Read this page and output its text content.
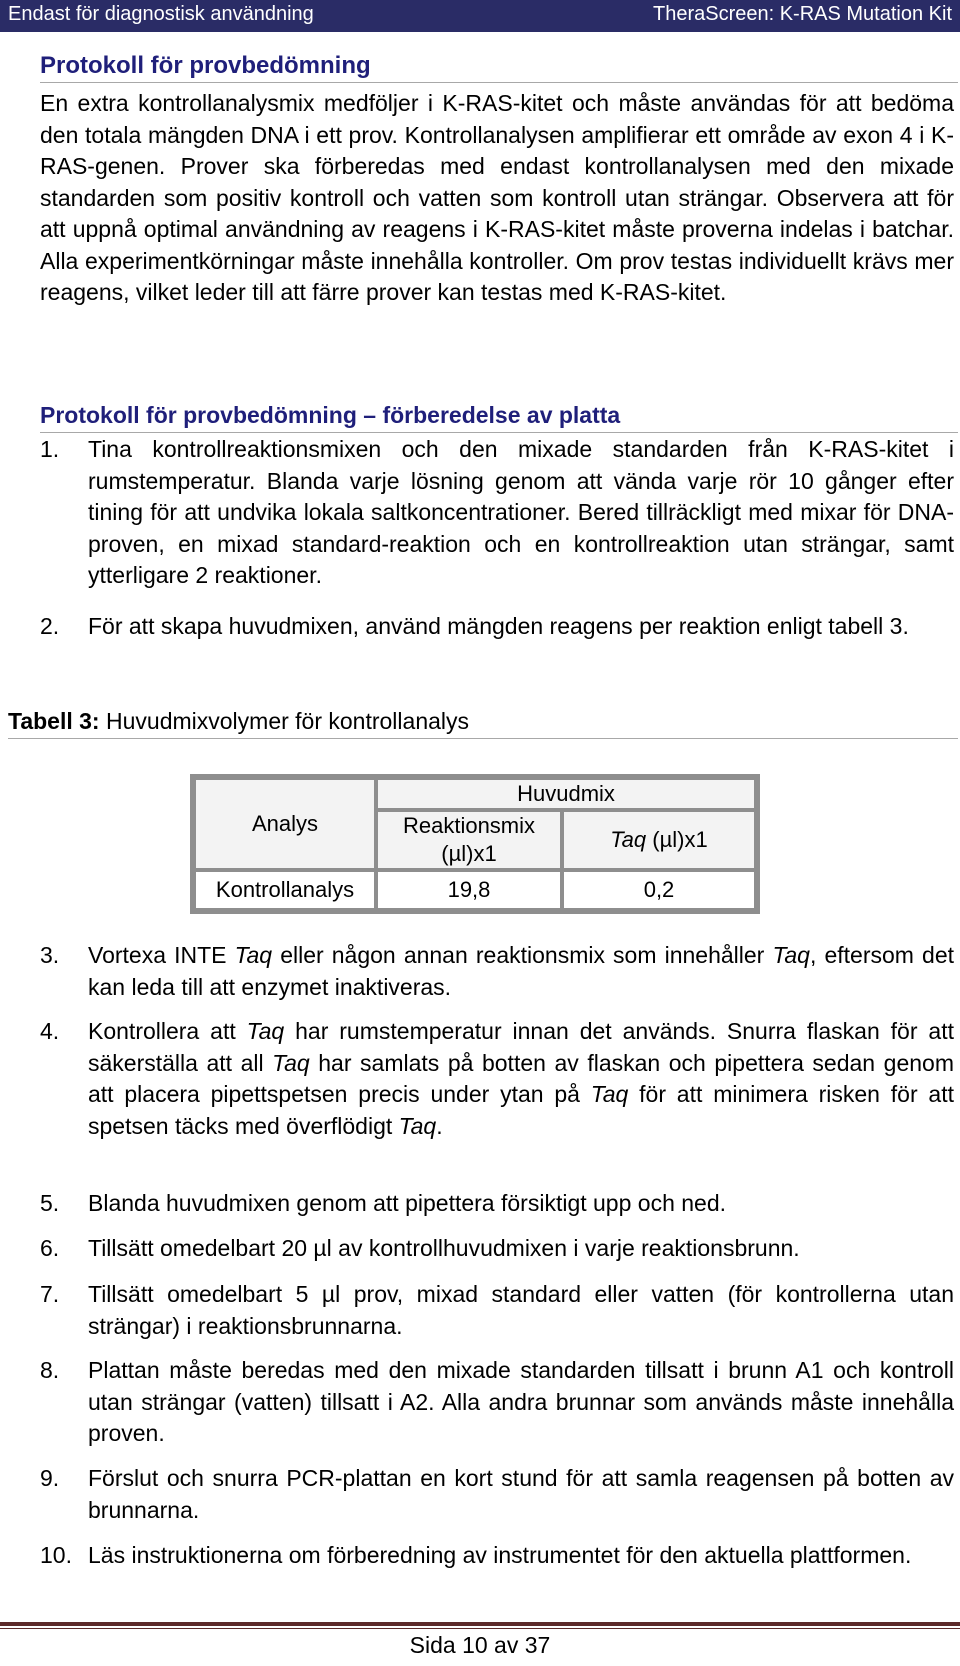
Endast för diagnostisk användning	TheraScreen: K-RAS Mutation Kit
Protokoll för provbedömning
En extra kontrollanalysmix medföljer i K-RAS-kitet och måste användas för att bedöma den totala mängden DNA i ett prov. Kontrollanalysen amplifierar ett område av exon 4 i K-RAS-genen. Prover ska förberedas med endast kontrollanalysen med den mixade standarden som positiv kontroll och vatten som kontroll utan strängar. Observera att för att uppnå optimal användning av reagens i K-RAS-kitet måste proverna indelas i batchar. Alla experimentkörningar måste innehålla kontroller. Om prov testas individuellt krävs mer reagens, vilket leder till att färre prover kan testas med K-RAS-kitet.
Protokoll för provbedömning – förberedelse av platta
1. Tina kontrollreaktionsmixen och den mixade standarden från K-RAS-kitet i rumstemperatur. Blanda varje lösning genom att vända varje rör 10 gånger efter tining för att undvika lokala saltkoncentrationer. Bered tillräckligt med mixar för DNA-proven, en mixad standard-reaktion och en kontrollreaktion utan strängar, samt ytterligare 2 reaktioner.
2. För att skapa huvudmixen, använd mängden reagens per reaktion enligt tabell 3.
Tabell 3: Huvudmixvolymer för kontrollanalys
Analys	Huvudmix	
	Reaktionsmix (µl)x1	Taq (µl)x1
Kontrollanalys	19,8	0,2
3. Vortexa INTE Taq eller någon annan reaktionsmix som innehåller Taq, eftersom det kan leda till att enzymet inaktiveras.
4. Kontrollera att Taq har rumstemperatur innan det används. Snurra flaskan för att säkerställa att all Taq har samlats på botten av flaskan och pipettera sedan genom att placera pipettspetsen precis under ytan på Taq för att minimera risken för att spetsen täcks med överflödigt Taq.
5. Blanda huvudmixen genom att pipettera försiktigt upp och ned.
6. Tillsätt omedelbart 20 µl av kontrollhuvudmixen i varje reaktionsbrunn.
7. Tillsätt omedelbart 5 µl prov, mixad standard eller vatten (för kontrollerna utan strängar) i reaktionsbrunnarna.
8. Plattan måste beredas med den mixade standarden tillsatt i brunn A1 och kontroll utan strängar (vatten) tillsatt i A2. Alla andra brunnar som används måste innehålla proven.
9. Förslut och snurra PCR-plattan en kort stund för att samla reagensen på botten av brunnarna.
10. Läs instruktionerna om förberedning av instrumentet för den aktuella plattformen.
Sida 10 av 37
